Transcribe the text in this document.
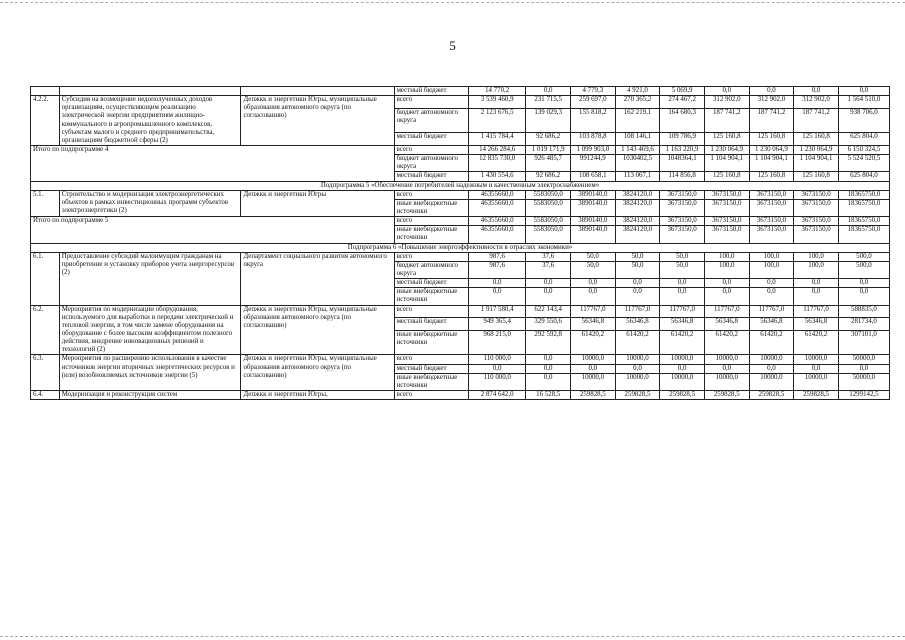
5
			местный бюджет	14 770,2	0,0	4 779,3	4 921,0	5 069,9	0,0	0,0	0,0	0,0
4.2.2.	Субсидия на возмещение недополученных доходов организациям, осуществляющим реализацию электрической энергии предприятиям жилищно-коммунального и агропромышленного комплексов, субъектам малого и среднего предпринимательства, организациям бюджетной сферы (2)	Депжкк и энергетики Югры, муниципальные образования автономного округа (по согласованию)	всего	3 539 460,9	231 715,5	259 697,0	270 365,2	274 467,2	312 902,0	312 902,0	312 902,0	1 564 510,0
			бюджет автономного округа	2 123 676,5	139 029,3	155 818,2	162 219,1	164 680,3	187 741,2	187 741,2	187 741,2	938 706,0
			местный бюджет	1 415 784,4	92 686,2	103 878,8	108 146,1	109 786,9	125 160,8	125 160,8	125 160,8	625 804,0
Итого по подпрограмме 4			всего	14 266 284,6	1 019 171,9	1 099 903,0	1 143 469,6	1 163 220,9	1 230 064,9	1 230 064,9	1 230 064,9	6 150 324,5
			бюджет автономного округа	12 835 730,0	926 485,7	991244,9	1030402,5	1048364,1	1 104 904,1	1 104 904,1	1 104 904,1	5 524 520,5
			местный бюджет	1 430 554,6	92 686,2	108 658,1	113 067,1	114 856,8	125 160,8	125 160,8	125 160,8	625 804,0
Подпрограмма 5 «Обеспечение потребителей надежным и качественным электроснабжением»												
5.1.	Строительство и модернизация электроэнергетических объектов в рамках инвестиционных программ субъектов электроэнергетики (2)	Депжкк и энергетики Югры	всего	46355660,0	5583050,0	3890140,0	3824120,0	3673150,0	3673150,0	3673150,0	3673150,0	18365750,0
			иные внебюджетные источники	46355660,0	5583050,0	3890140,0	3824120,0	3673150,0	3673150,0	3673150,0	3673150,0	18365750,0
Итого по подпрограмме 5			всего	46355660,0	5583050,0	3890140,0	3824120,0	3673150,0	3673150,0	3673150,0	3673150,0	18365750,0
			иные внебюджетные источники	46355660,0	5583050,0	3890140,0	3824120,0	3673150,0	3673150,0	3673150,0	3673150,0	18365750,0
Подпрограмма 6 «Повышение энергоэффективности в отраслях экономики»												
6.1.	Предоставление субсидий малоимущим гражданам на приобретение и установку приборов учета энергоресурсов (2)	Департамент социального развития автономного округа	всего	987,6	37,6	50,0	50,0	50,0	100,0	100,0	100,0	500,0
			бюджет автономного округа	987,6	37,6	50,0	50,0	50,0	100,0	100,0	100,0	500,0
			местный бюджет	0,0	0,0	0,0	0,0	0,0	0,0	0,0	0,0	0,0
			иные внебюджетные источники	0,0	0,0	0,0	0,0	0,0	0,0	0,0	0,0	0,0
6.2.	Мероприятия по модернизации оборудования, используемого для выработки и передачи электрической и тепловой энергии, в том числе замене оборудования на оборудование с более высоким коэффициентом полезного действия, внедрение инновационных решений и технологий (2)	Депжкк и энергетики Югры, муниципальные образования автономного округа (по согласованию)	всего	1 917 580,4	622 143,4	117767,0	117767,0	117767,0	117767,0	117767,0	117767,0	588835,0
			местный бюджет	949 365,4	329 550,6	56346,8	56346,8	56346,8	56346,8	56346,8	56346,8	281734,0
			иные внебюджетные источники	968 215,0	292 592,8	61420,2	61420,2	61420,2	61420,2	61420,2	61420,2	307101,0
6.3.	Мероприятия по расширению использования в качестве источников энергии вторичных энергетических ресурсов и (или) возобновляемых источников энергии (5)	Депжкк и энергетики Югры, муниципальные образования автономного округа (по согласованию)	всего	110 000,0	0,0	10000,0	10000,0	10000,0	10000,0	10000,0	10000,0	50000,0
			местный бюджет	0,0	0,0	0,0	0,0	0,0	0,0	0,0	0,0	0,0
			иные внебюджетные источники	110 000,0	0,0	10000,0	10000,0	10000,0	10000,0	10000,0	10000,0	50000,0
6.4.	Модернизация и реконструкция систем	Депжкк и энергетики Югры,	всего	2 874 642,0	16 528,5	259828,5	259828,5	259828,5	259828,5	259828,5	259828,5	1299142,5
